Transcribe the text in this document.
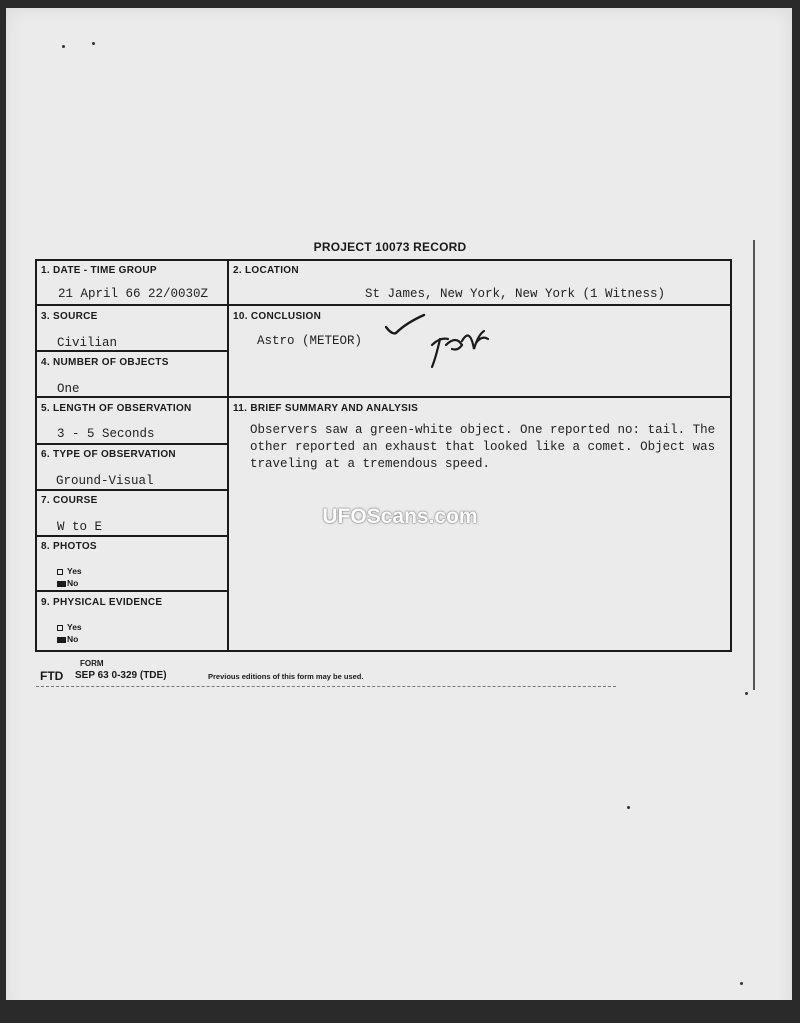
PROJECT 10073 RECORD
1. DATE - TIME GROUP
21 April 66 22/0030Z
2. LOCATION
St James, New York, New York (1 Witness)
3. SOURCE
Civilian
10. CONCLUSION
Astro (METEOR)
4. NUMBER OF OBJECTS
One
5. LENGTH OF OBSERVATION
3 - 5 Seconds
11. BRIEF SUMMARY AND ANALYSIS
Observers saw a green-white object. One reported no: tail. The
other reported an exhaust that looked like a comet. Object was
traveling at a tremendous speed.
6. TYPE OF OBSERVATION
Ground-Visual
7. COURSE
W to E
8. PHOTOS
Yes
No
9. PHYSICAL EVIDENCE
Yes
No
FORM
FTD SEP 63 0-329 (TDE)	Previous editions of this form may be used.
UFOScans.com
